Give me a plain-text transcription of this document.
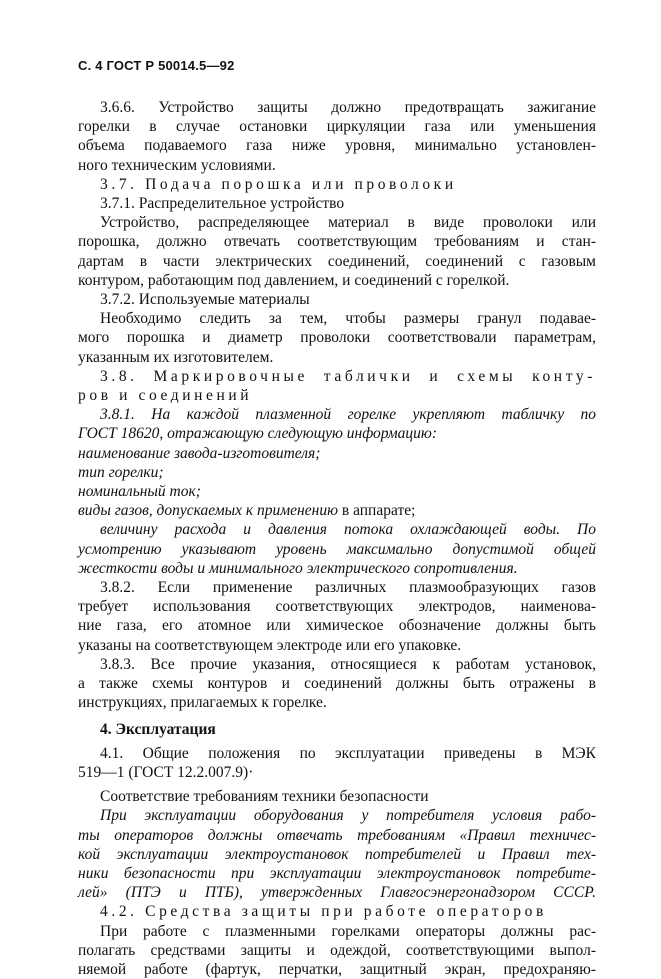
С. 4 ГОСТ Р 50014.5—92
3.6.6. Устройство защиты должно предотвращать зажигание
горелки в случае остановки циркуляции газа или уменьшения
объема подаваемого газа ниже уровня, минимально установлен-
ного техническим условиями.
3.7. Подача порошка или проволоки
3.7.1. Распределительное устройство
Устройство, распределяющее материал в виде проволоки или
порошка, должно отвечать соответствующим требованиям и стан-
дартам в части электрических соединений, соединений с газовым
контуром, работающим под давлением, и соединений с горелкой.
3.7.2. Используемые материалы
Необходимо следить за тем, чтобы размеры гранул подавае-
мого порошка и диаметр проволоки соответствовали параметрам,
указанным их изготовителем.
3.8. Маркировочные таблички и схемы конту-
ров и соединений
3.8.1. На каждой плазменной горелке укрепляют табличку по
ГОСТ 18620, отражающую следующую информацию:
наименование завода-изготовителя;
тип горелки;
номинальный ток;
виды газов, допускаемых к применению в аппарате;
величину расхода и давления потока охлаждающей воды. По
усмотрению указывают уровень максимально допустимой общей
жесткости воды и минимального электрического сопротивления.
3.8.2. Если применение различных плазмообразующих газов
требует использования соответствующих электродов, наименова-
ние газа, его атомное или химическое обозначение должны быть
указаны на соответствующем электроде или его упаковке.
3.8.3. Все прочие указания, относящиеся к работам установок,
а также схемы контуров и соединений должны быть отражены в
инструкциях, прилагаемых к горелке.
4. Эксплуатация
4.1. Общие положения по эксплуатации приведены в МЭК
519—1 (ГОСТ 12.2.007.9)·
Соответствие требованиям техники безопасности
При эксплуатации оборудования у потребителя условия рабо-
ты операторов должны отвечать требованиям «Правил техничес-
кой эксплуатации электроустановок потребителей и Правил тех-
ники безопасности при эксплуатации электроустановок потребите-
лей» (ПТЭ и ПТБ), утвержденных Главгосэнергонадзором СССР.
4.2. Средства защиты при работе операторов
При работе с плазменными горелками операторы должны рас-
полагать средствами защиты и одеждой, соответствующими выпол-
няемой работе (фартук, перчатки, защитный экран, предохраняю-
